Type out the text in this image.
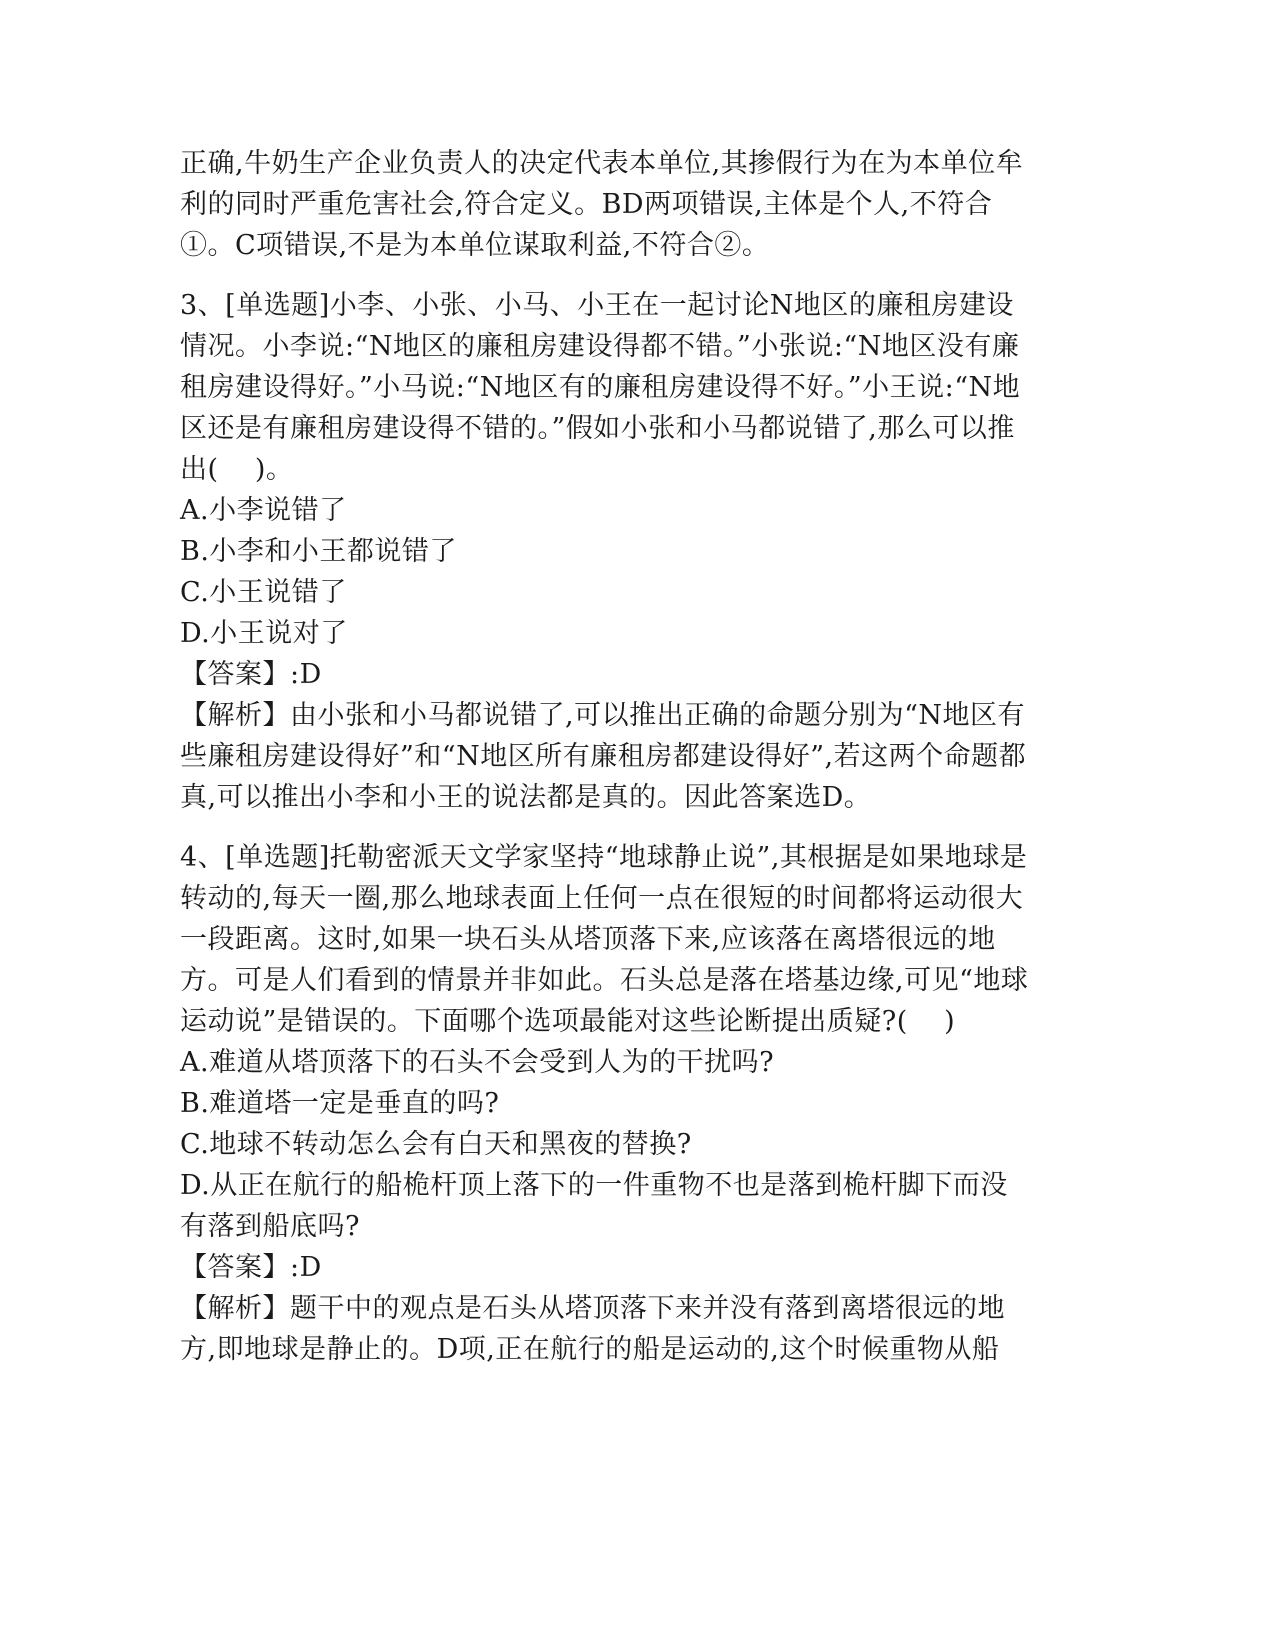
正确,牛奶生产企业负责人的决定代表本单位,其掺假行为在为本单位牟利的同时严重危害社会,符合定义。BD两项错误,主体是个人,不符合①。C项错误,不是为本单位谋取利益,不符合②。

3、[单选题]小李、小张、小马、小王在一起讨论N地区的廉租房建设情况。小李说:“N地区的廉租房建设得都不错。”小张说:“N地区没有廉租房建设得好。”小马说:“N地区有的廉租房建设得不好。”小王说:“N地区还是有廉租房建设得不错的。”假如小张和小马都说错了,那么可以推出(    )。

A.小李说错了

B.小李和小王都说错了

C.小王说错了

D.小王说对了

【答案】:D

【解析】由小张和小马都说错了,可以推出正确的命题分别为“N地区有些廉租房建设得好”和“N地区所有廉租房都建设得好”,若这两个命题都真,可以推出小李和小王的说法都是真的。因此答案选D。

4、[单选题]托勒密派天文学家坚持“地球静止说”,其根据是如果地球是转动的,每天一圈,那么地球表面上任何一点在很短的时间都将运动很大一段距离。这时,如果一块石头从塔顶落下来,应该落在离塔很远的地方。可是人们看到的情景并非如此。石头总是落在塔基边缘,可见“地球运动说”是错误的。下面哪个选项最能对这些论断提出质疑?(    )

A.难道从塔顶落下的石头不会受到人为的干扰吗?

B.难道塔一定是垂直的吗?

C.地球不转动怎么会有白天和黑夜的替换?

D.从正在航行的船桅杆顶上落下的一件重物不也是落到桅杆脚下而没有落到船底吗?

【答案】:D

【解析】题干中的观点是石头从塔顶落下来并没有落到离塔很远的地方,即地球是静止的。D项,正在航行的船是运动的,这个时候重物从船
